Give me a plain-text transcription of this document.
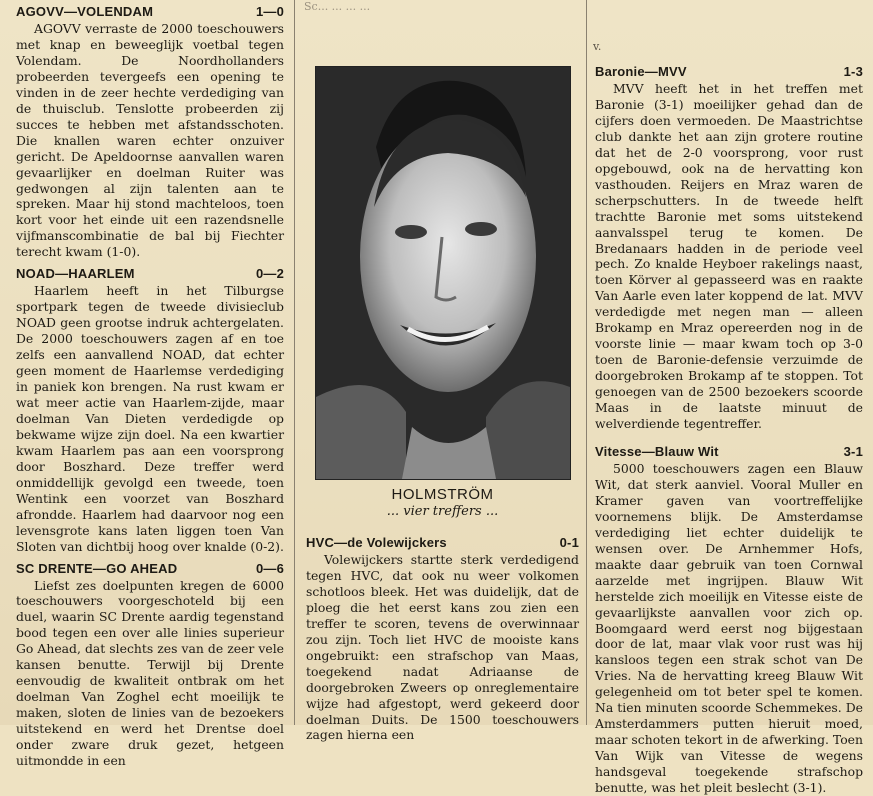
AGOVV—VOLENDAM	1—0

AGOVV verraste de 2000 toeschouwers met knap en beweeglijk voetbal tegen Volendam. De Noordhollanders probeerden tevergeefs een opening te vinden in de zeer hechte verdediging van de thuisclub. Tenslotte probeerden zij succes te hebben met afstandsschoten. Die knallen waren echter onzuiver gericht. De Apeldoornse aanvallen waren gevaarlijker en doelman Ruiter was gedwongen al zijn talenten aan te spreken. Maar hij stond machteloos, toen kort voor het einde uit een razendsnelle vijfmanscombinatie de bal bij Fiechter terecht kwam (1-0).

NOAD—HAARLEM	0—2

Haarlem heeft in het Tilburgse sportpark tegen de tweede divisieclub NOAD geen grootse indruk achtergelaten. De 2000 toeschouwers zagen af en toe zelfs een aanvallend NOAD, dat echter geen moment de Haarlemse verdediging in paniek kon brengen. Na rust kwam er wat meer actie van Haarlem-zijde, maar doelman Van Dieten verdedigde op bekwame wijze zijn doel. Na een kwartier kwam Haarlem pas aan een voorsprong door Boszhard. Deze treffer werd onmiddellijk gevolgd een tweede, toen Wentink een voorzet van Boszhard afrondde. Haarlem had daarvoor nog een levensgrote kans laten liggen toen Van Sloten van dichtbij hoog over knalde (0-2).

SC DRENTE—GO AHEAD	0—6

Liefst zes doelpunten kregen de 6000 toeschouwers voorgeschoteld bij een duel, waarin SC Drente aardig tegenstand bood tegen een over alle linies superieur Go Ahead, dat slechts zes van de zeer vele kansen benutte. Terwijl bij Drente eenvoudig de kwaliteit ontbrak om het doelman Van Zoghel echt moeilijk te maken, sloten de linies van de bezoekers uitstekend en werd het Drentse doel onder zware druk gezet, hetgeen uitmondde in een

Sc... ... ... ...
HOLMSTRÖM
... vier treffers ...
HVC—de Volewijckers	0-1

Volewijckers startte sterk verdedigend tegen HVC, dat ook nu weer volkomen schotloos bleek. Het was duidelijk, dat de ploeg die het eerst kans zou zien een treffer te scoren, tevens de overwinnaar zou zijn. Toch liet HVC de mooiste kans ongebruikt: een strafschop van Maas, toegekend nadat Adriaanse de doorgebroken Zweers op onreglementaire wijze had afgestopt, werd gekeerd door doelman Duits. De 1500 toeschouwers zagen hierna een

v.
Baronie—MVV	1-3

MVV heeft het in het treffen met Baronie (3-1) moeilijker gehad dan de cijfers doen vermoeden. De Maastrichtse club dankte het aan zijn grotere routine dat het de 2-0 voorsprong, voor rust opgebouwd, ook na de hervatting kon vasthouden. Reijers en Mraz waren de scherpschutters. In de tweede helft trachtte Baronie met soms uitstekend aanvalsspel terug te komen. De Bredanaars hadden in de periode veel pech. Zo knalde Heyboer rakelings naast, toen Körver al gepasseerd was en raakte Van Aarle even later koppend de lat. MVV verdedigde met negen man — alleen Brokamp en Mraz opereerden nog in de voorste linie — maar kwam toch op 3-0 toen de Baronie-defensie verzuimde de doorgebroken Brokamp af te stoppen. Tot genoegen van de 2500 bezoekers scoorde Maas in de laatste minuut de welverdiende tegentreffer.

Vitesse—Blauw Wit	3-1

5000 toeschouwers zagen een Blauw Wit, dat sterk aanviel. Vooral Muller en Kramer gaven van voortreffelijke voornemens blijk. De Amsterdamse verdediging liet echter duidelijk te wensen over. De Arnhemmer Hofs, maakte daar gebruik van toen Cornwal aarzelde met ingrijpen. Blauw Wit herstelde zich moeilijk en Vitesse eiste de gevaarlijkste aanvallen voor zich op. Boomgaard werd eerst nog bijgestaan door de lat, maar vlak voor rust was hij kansloos tegen een strak schot van De Vries. Na de hervatting kreeg Blauw Wit gelegenheid om tot beter spel te komen. Na tien minuten scoorde Schemmekes. De Amsterdammers putten hieruit moed, maar schoten tekort in de afwerking. Toen Van Wijk van Vitesse de wegens handsgeval toegekende strafschop benutte, was het pleit beslecht (3-1).
